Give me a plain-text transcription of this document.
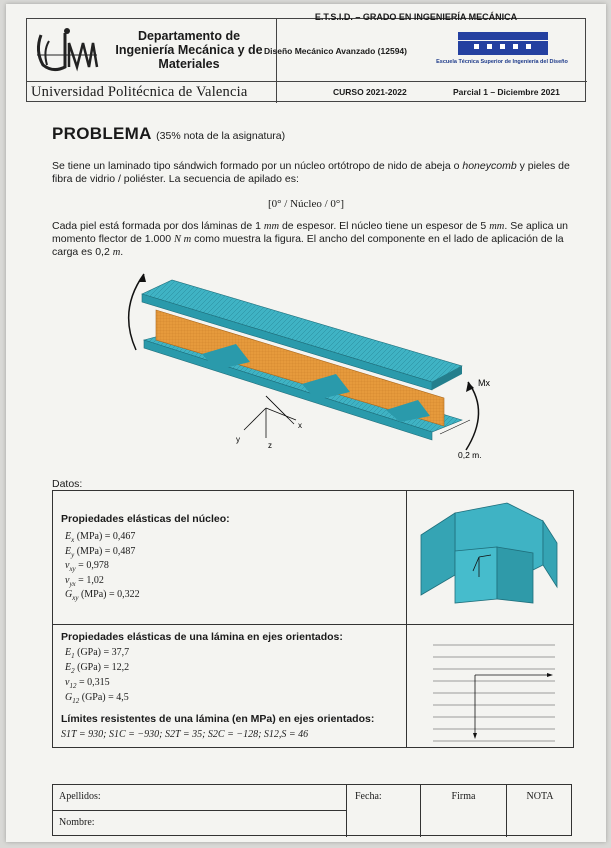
Departamento de
Ingeniería Mecánica y de
Materiales
Universidad Politécnica de Valencia	CURSO 2021-2022	Parcial 1 – Diciembre 2021
E.T.S.I.D. – GRADO EN INGENIERÍA MECÁNICA
Diseño Mecánico Avanzado (12594)
Escuela Técnica Superior de Ingeniería del Diseño
PROBLEMA (35% nota de la asignatura)
Se tiene un laminado tipo sándwich formado por un núcleo ortótropo de nido de abeja o honeycomb y pieles de fibra de vidrio / poliéster. La secuencia de apilado es:
[0° / Núcleo / 0°]
Cada piel está formada por dos láminas de 1 mm de espesor. El núcleo tiene un espesor de 5 mm. Se aplica un momento flector de 1.000 N m como muestra la figura. El ancho del componente en el lado de aplicación de la carga es 0,2 m.
Mx
x
y
z
0,2 m.
Datos:
Propiedades elásticas del núcleo:
$E_x$ (MPa) = 0,467
$E_y$ (MPa) = 0,487
$\nu_{xy} = 0,978$
$\nu_{yx} = 1,02$
$G_{xy}$ (MPa) = 0,322
Propiedades elásticas de una lámina en ejes orientados:
$E_1$ (GPa) = 37,7
$E_2$ (GPa) = 12,2
$\nu_{12} = 0,315$
$G_{12}$ (GPa) = 4,5
Límites resistentes de una lámina (en MPa) en ejes orientados:
S1T = 930; S1C = −930; S2T = 35; S2C = −128; S12,S = 46
Apellidos:
Nombre:
Fecha:	Firma	NOTA
